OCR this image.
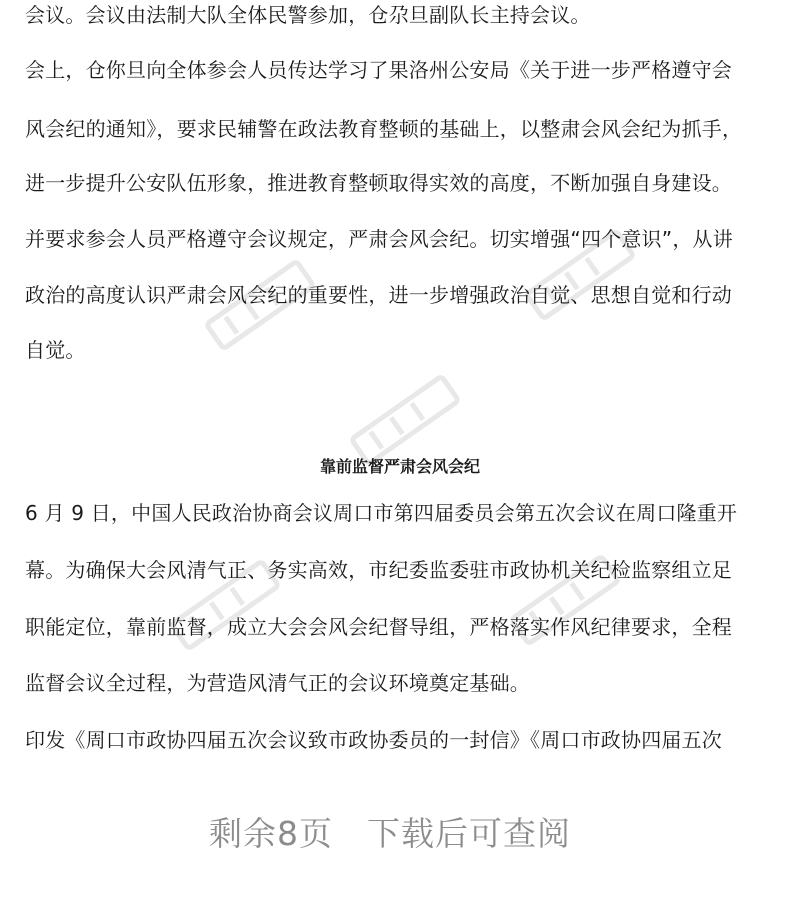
会议。会议由法制大队全体民警参加，仓尕旦副队长主持会议。
会上，仓你旦向全体参会人员传达学习了果洛州公安局《关于进一步严格遵守会
风会纪的通知》，要求民辅警在政法教育整顿的基础上，以整肃会风会纪为抓手，
进一步提升公安队伍形象，推进教育整顿取得实效的高度，不断加强自身建设。
并要求参会人员严格遵守会议规定，严肃会风会纪。切实增强“四个意识”，从讲
政治的高度认识严肃会风会纪的重要性，进一步增强政治自觉、思想自觉和行动
自觉。
靠前监督严肃会风会纪
6 月 9 日，中国人民政治协商会议周口市第四届委员会第五次会议在周口隆重开
幕。为确保大会风清气正、务实高效，市纪委监委驻市政协机关纪检监察组立足
职能定位，靠前监督，成立大会会风会纪督导组，严格落实作风纪律要求，全程
监督会议全过程，为营造风清气正的会议环境奠定基础。
印发《周口市政协四届五次会议致市政协委员的一封信》《周口市政协四届五次
剩余8页　下载后可查阅
